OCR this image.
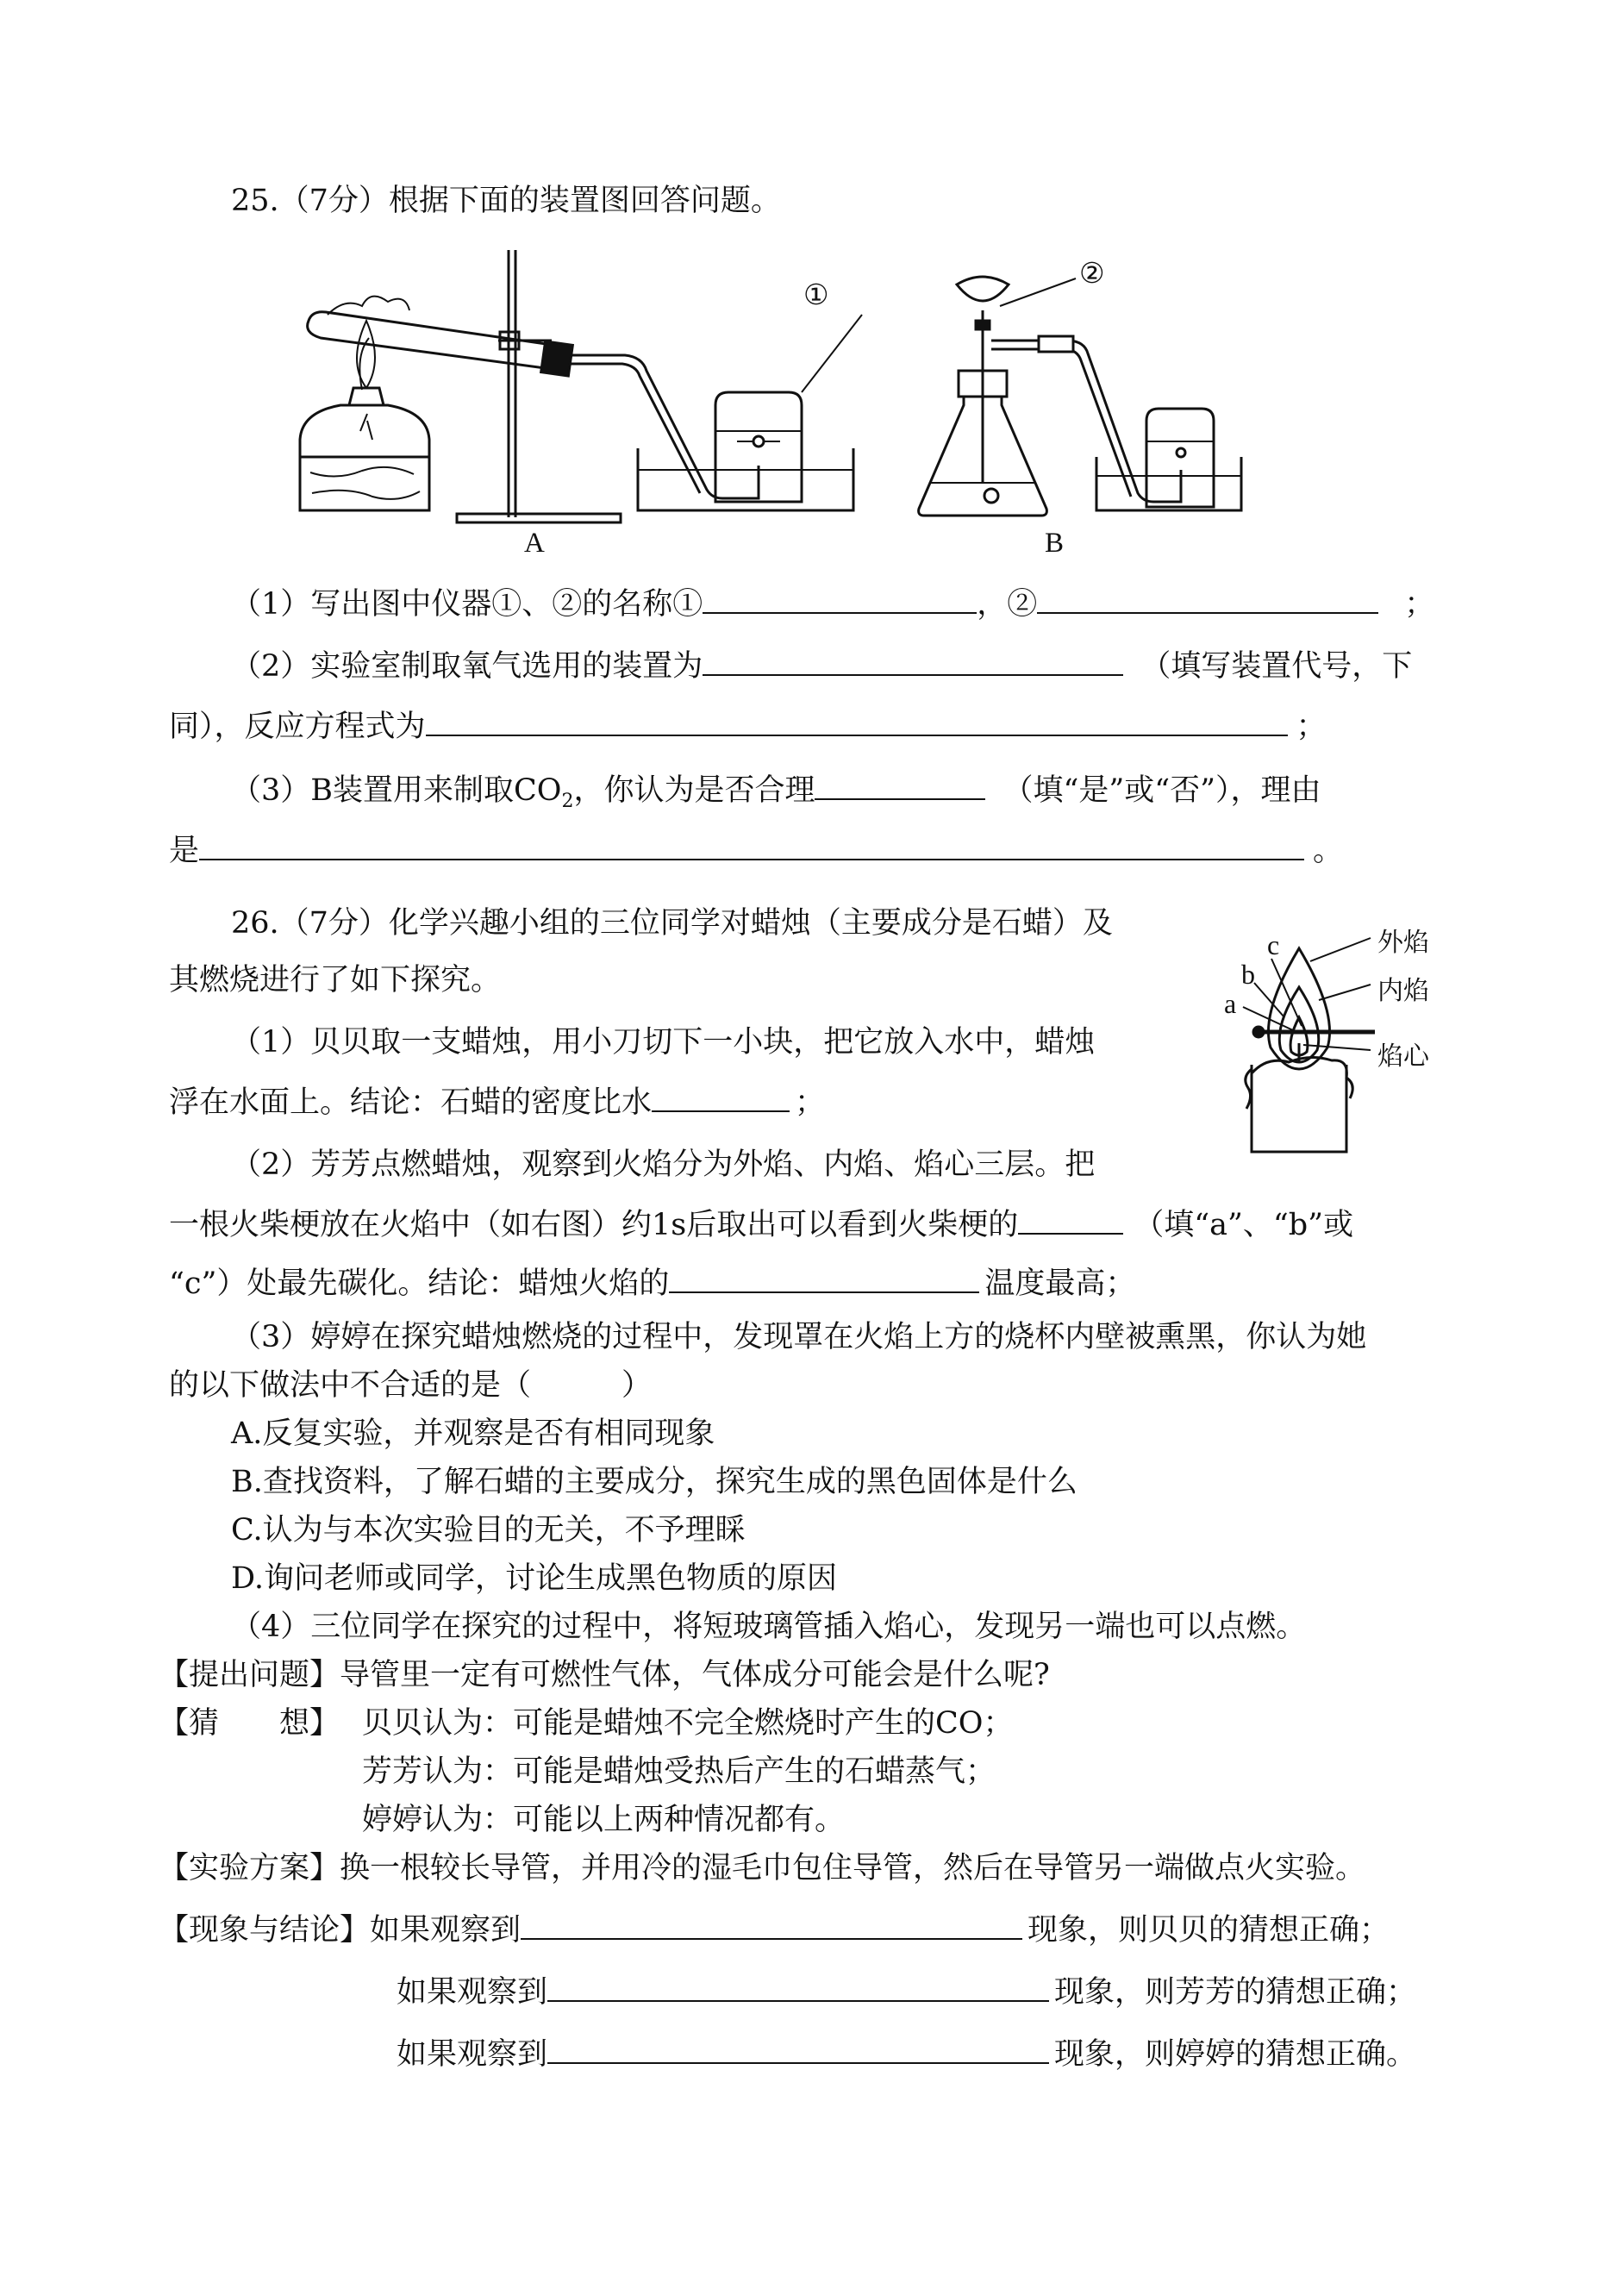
25.（7分）根据下面的装置图回答问题。
①
②
A	B
（1）写出图中仪器①、②的名称①	，②	；
（2）实验室制取氧气选用的装置为	（填写装置代号，下
同），反应方程式为	；
（3）B装置用来制取$CO_2$，你认为是否合理	（填“是”或“否”），理由
是	。
26.（7分）化学兴趣小组的三位同学对蜡烛（主要成分是石蜡）及
其燃烧进行了如下探究。
c
b
a
外焰
内焰
焰心
（1）贝贝取一支蜡烛，用小刀切下一小块，把它放入水中，蜡烛
浮在水面上。结论：石蜡的密度比水	；
（2）芳芳点燃蜡烛，观察到火焰分为外焰、内焰、焰心三层。把
一根火柴梗放在火焰中（如右图）约1s后取出可以看到火柴梗的	（填“a”、“b”或
“c”）处最先碳化。结论：蜡烛火焰的	温度最高；
（3）婷婷在探究蜡烛燃烧的过程中，发现罩在火焰上方的烧杯内壁被熏黑，你认为她
的以下做法中不合适的是（　　　）
A.反复实验，并观察是否有相同现象
B.查找资料，了解石蜡的主要成分，探究生成的黑色固体是什么
C.认为与本次实验目的无关，不予理睬
D.询问老师或同学，讨论生成黑色物质的原因
（4）三位同学在探究的过程中，将短玻璃管插入焰心，发现另一端也可以点燃。
【提出问题】导管里一定有可燃性气体，气体成分可能会是什么呢?
【猜　　想】 贝贝认为：可能是蜡烛不完全燃烧时产生的CO；
芳芳认为：可能是蜡烛受热后产生的石蜡蒸气；
婷婷认为：可能以上两种情况都有。
【实验方案】换一根较长导管，并用冷的湿毛巾包住导管，然后在导管另一端做点火实验。
【现象与结论】如果观察到	现象，则贝贝的猜想正确；
如果观察到	现象，则芳芳的猜想正确；
如果观察到	现象，则婷婷的猜想正确。
